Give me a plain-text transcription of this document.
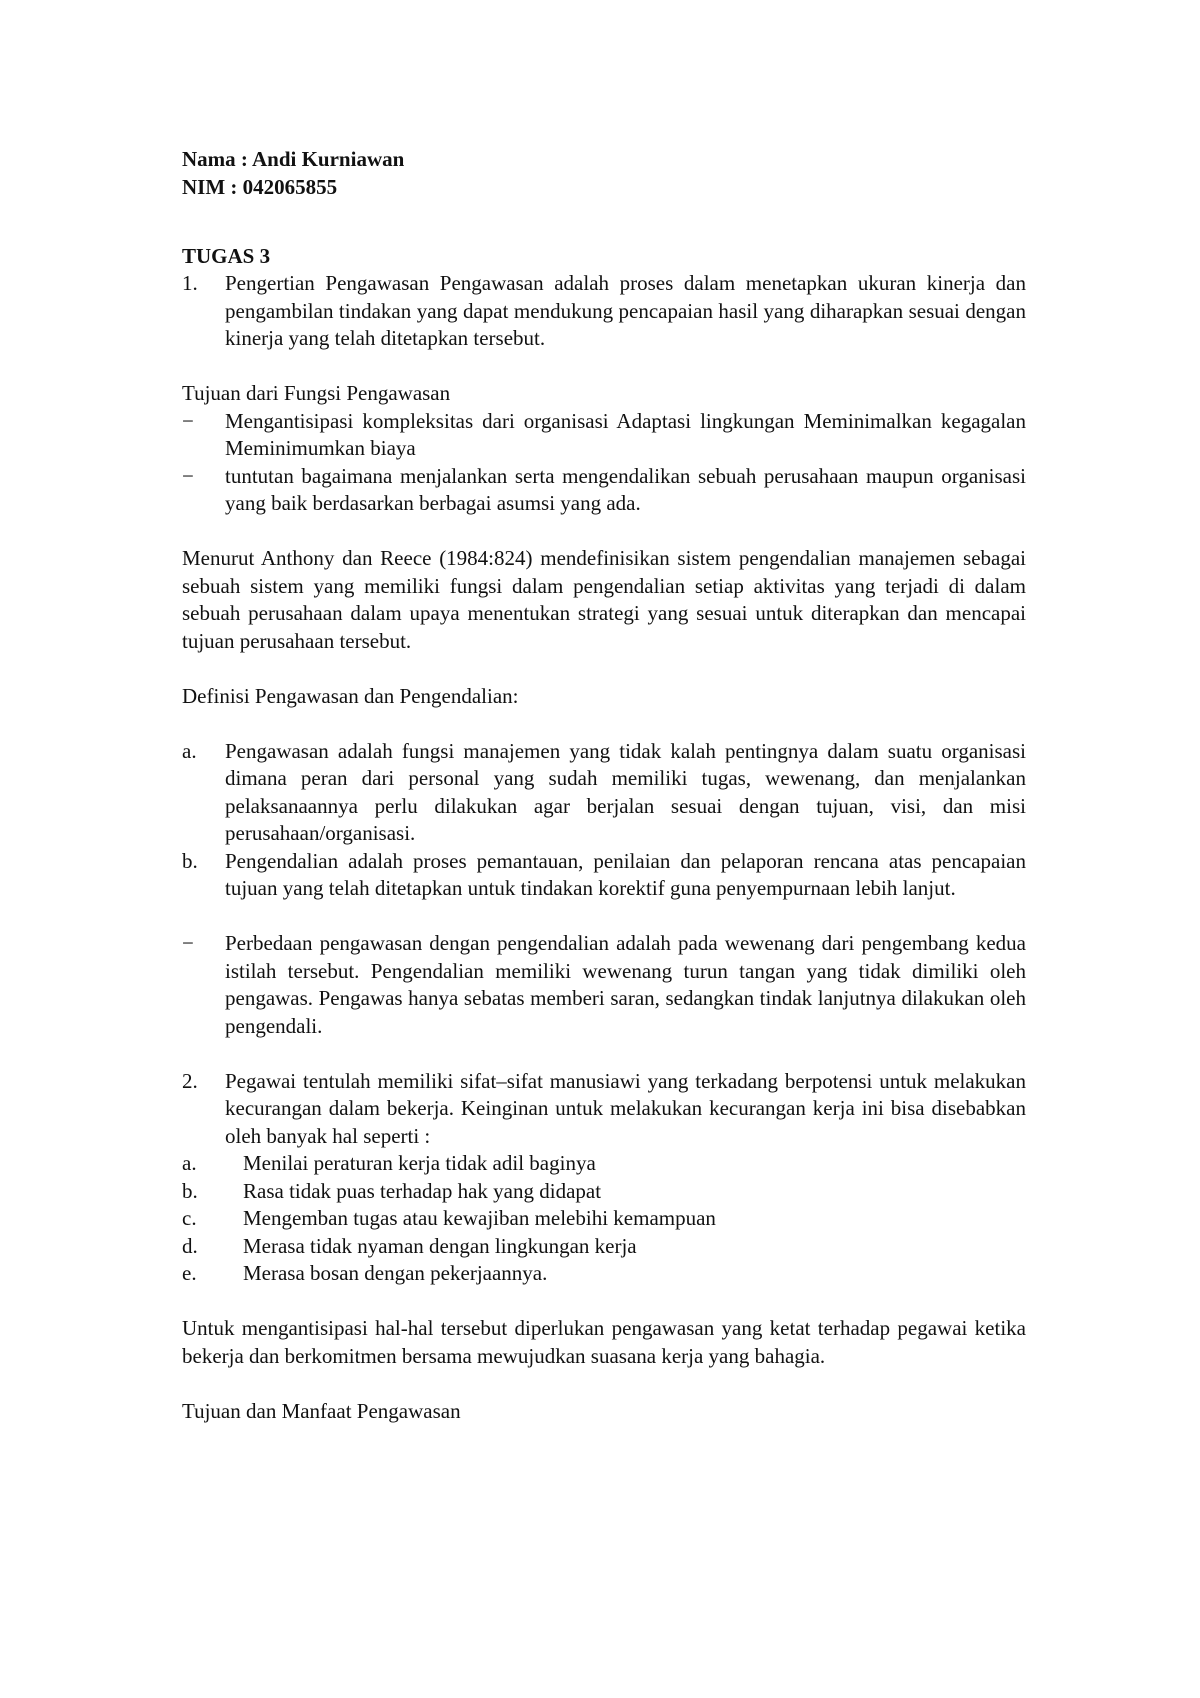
Nama : Andi Kurniawan
NIM : 042065855
TUGAS 3
1. Pengertian Pengawasan Pengawasan adalah proses dalam menetapkan ukuran kinerja dan pengambilan tindakan yang dapat mendukung pencapaian hasil yang diharapkan sesuai dengan kinerja yang telah ditetapkan tersebut.
Tujuan dari Fungsi Pengawasan
− Mengantisipasi kompleksitas dari organisasi Adaptasi lingkungan Meminimalkan kegagalan Meminimumkan biaya
− tuntutan bagaimana menjalankan serta mengendalikan sebuah perusahaan maupun organisasi yang baik berdasarkan berbagai asumsi yang ada.
Menurut Anthony dan Reece (1984:824) mendefinisikan sistem pengendalian manajemen sebagai sebuah sistem yang memiliki fungsi dalam pengendalian setiap aktivitas yang terjadi di dalam sebuah perusahaan dalam upaya menentukan strategi yang sesuai untuk diterapkan dan mencapai tujuan perusahaan tersebut.
Definisi Pengawasan dan Pengendalian:
a. Pengawasan adalah fungsi manajemen yang tidak kalah pentingnya dalam suatu organisasi dimana peran dari personal yang sudah memiliki tugas, wewenang, dan menjalankan pelaksanaannya perlu dilakukan agar berjalan sesuai dengan tujuan, visi, dan misi perusahaan/organisasi.
b. Pengendalian adalah proses pemantauan, penilaian dan pelaporan rencana atas pencapaian tujuan yang telah ditetapkan untuk tindakan korektif guna penyempurnaan lebih lanjut.
− Perbedaan pengawasan dengan pengendalian adalah pada wewenang dari pengembang kedua istilah tersebut. Pengendalian memiliki wewenang turun tangan yang tidak dimiliki oleh pengawas. Pengawas hanya sebatas memberi saran, sedangkan tindak lanjutnya dilakukan oleh pengendali.
2. Pegawai tentulah memiliki sifat–sifat manusiawi yang terkadang berpotensi untuk melakukan kecurangan dalam bekerja. Keinginan untuk melakukan kecurangan kerja ini bisa disebabkan oleh banyak hal seperti :
a. Menilai peraturan kerja tidak adil baginya
b. Rasa tidak puas terhadap hak yang didapat
c. Mengemban tugas atau kewajiban melebihi kemampuan
d. Merasa tidak nyaman dengan lingkungan kerja
e. Merasa bosan dengan pekerjaannya.
Untuk mengantisipasi hal-hal tersebut diperlukan pengawasan yang ketat terhadap pegawai ketika bekerja dan berkomitmen bersama mewujudkan suasana kerja yang bahagia.
Tujuan dan Manfaat Pengawasan
